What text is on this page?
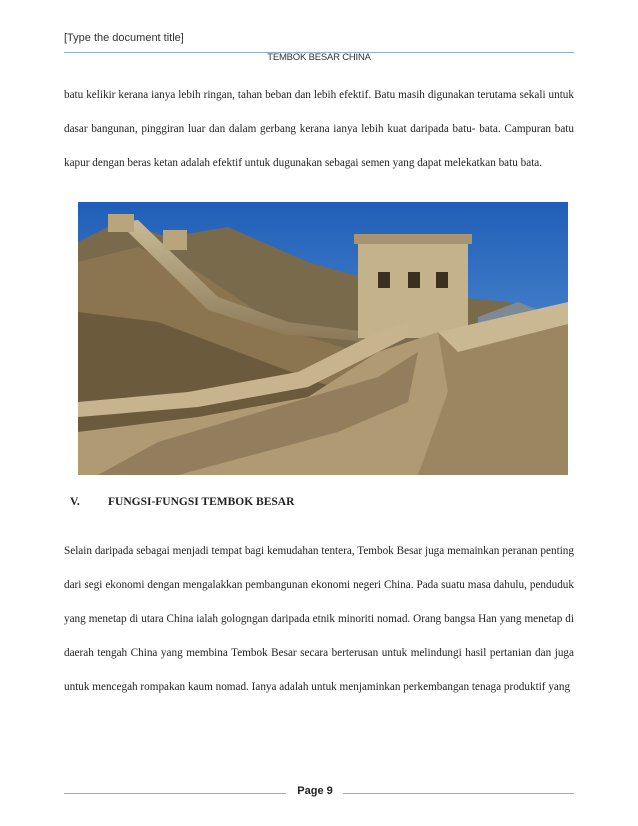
[Type the document title]
TEMBOK BESAR CHINA
batu kelikir kerana ianya lebih ringan, tahan beban dan lebih efektif. Batu masih digunakan terutama sekali untuk dasar bangunan, pinggiran luar dan dalam gerbang kerana ianya lebih kuat daripada batu- bata. Campuran batu kapur dengan beras ketan adalah efektif untuk dugunakan sebagai semen yang dapat melekatkan batu bata.
V. FUNGSI-FUNGSI TEMBOK BESAR
Selain daripada sebagai menjadi tempat bagi kemudahan tentera, Tembok Besar juga memainkan peranan penting dari segi ekonomi dengan mengalakkan pembangunan ekonomi negeri China. Pada suatu masa dahulu, penduduk yang menetap di utara China ialah gologngan daripada etnik minoriti nomad. Orang bangsa Han yang menetap di daerah tengah China yang membina Tembok Besar secara berterusan untuk melindungi hasil pertanian dan juga untuk mencegah rompakan kaum nomad. Ianya adalah untuk menjaminkan perkembangan tenaga produktif yang
Page 9
